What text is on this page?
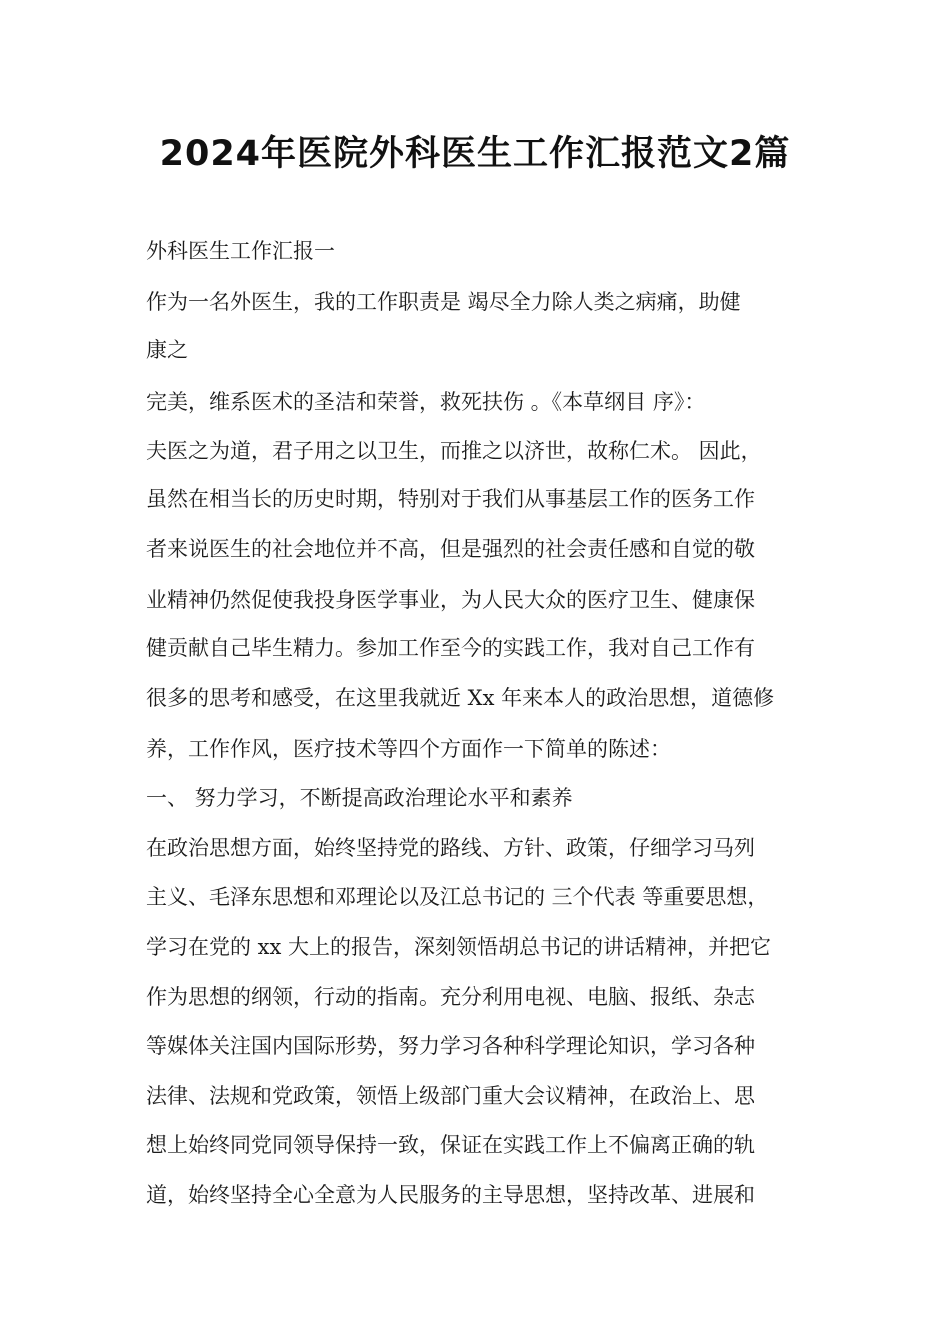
2024年医院外科医生工作汇报范文2篇
外科医生工作汇报一
作为一名外医生，我的工作职责是 竭尽全力除人类之病痛，助健
康之
完美，维系医术的圣洁和荣誉，救死扶伤 。《本草纲目 序》：
夫医之为道，君子用之以卫生，而推之以济世，故称仁术。 因此，
虽然在相当长的历史时期，特别对于我们从事基层工作的医务工作
者来说医生的社会地位并不高，但是强烈的社会责任感和自觉的敬
业精神仍然促使我投身医学事业，为人民大众的医疗卫生、健康保
健贡献自己毕生精力。参加工作至今的实践工作，我对自己工作有
很多的思考和感受，在这里我就近 Xx 年来本人的政治思想，道德修
养，工作作风，医疗技术等四个方面作一下简单的陈述：
一、 努力学习，不断提高政治理论水平和素养
在政治思想方面，始终坚持党的路线、方针、政策，仔细学习马列
主义、毛泽东思想和邓理论以及江总书记的 三个代表 等重要思想，
学习在党的 xx 大上的报告，深刻领悟胡总书记的讲话精神，并把它
作为思想的纲领，行动的指南。充分利用电视、电脑、报纸、杂志
等媒体关注国内国际形势，努力学习各种科学理论知识，学习各种
法律、法规和党政策，领悟上级部门重大会议精神，在政治上、思
想上始终同党同领导保持一致，保证在实践工作上不偏离正确的轨
道，始终坚持全心全意为人民服务的主导思想，坚持改革、进展和
